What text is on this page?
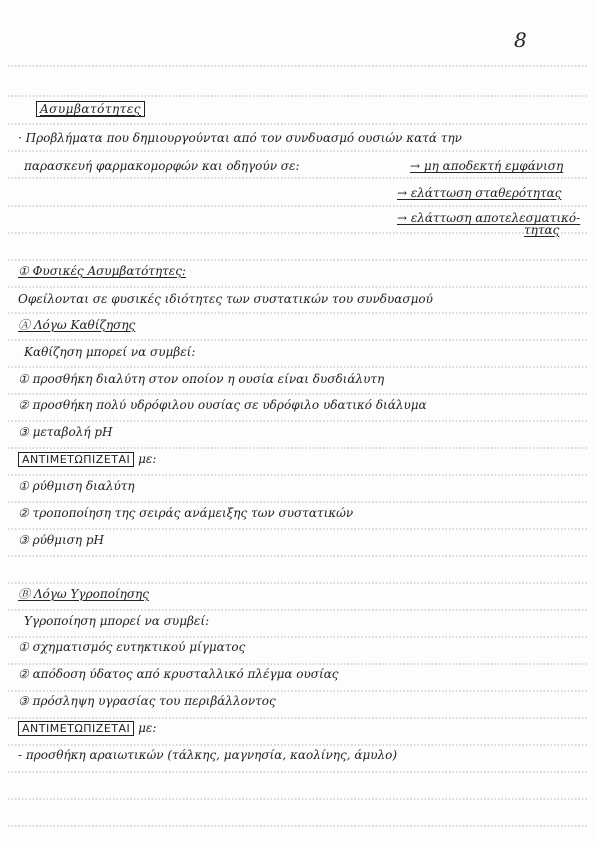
8
Ασυμβατότητες
· Προβλήματα που δημιουργούνται από τον συνδυασμό ουσιών κατά την
παρασκευή φαρμακομορφών και οδηγούν σε:	→ μη αποδεκτή εμφάνιση
→ ελάττωση σταθερότητας
→ ελάττωση αποτελεσματικό-
τητας
① Φυσικές Ασυμβατότητες:
Οφείλονται σε φυσικές ιδιότητες των συστατικών του συνδυασμού
Ⓐ Λόγω Καθίζησης
Καθίζηση μπορεί να συμβεί:
① προσθήκη διαλύτη στον οποίον η ουσία είναι δυσδιάλυτη
② προσθήκη πολύ υδρόφιλου ουσίας σε υδρόφιλο υδατικό διάλυμα
③ μεταβολή pH
ΑΝΤΙΜΕΤΩΠΙΖΕΤΑΙ με:
① ρύθμιση διαλύτη
② τροποποίηση της σειράς ανάμειξης των συστατικών
③ ρύθμιση pH
Ⓑ Λόγω Υγροποίησης
Υγροποίηση μπορεί να συμβεί:
① σχηματισμός ευτηκτικού μίγματος
② απόδοση ύδατος από κρυσταλλικό πλέγμα ουσίας
③ πρόσληψη υγρασίας του περιβάλλοντος
ΑΝΤΙΜΕΤΩΠΙΖΕΤΑΙ με:
- προσθήκη αραιωτικών (τάλκης, μαγνησία, καολίνης, άμυλο)
